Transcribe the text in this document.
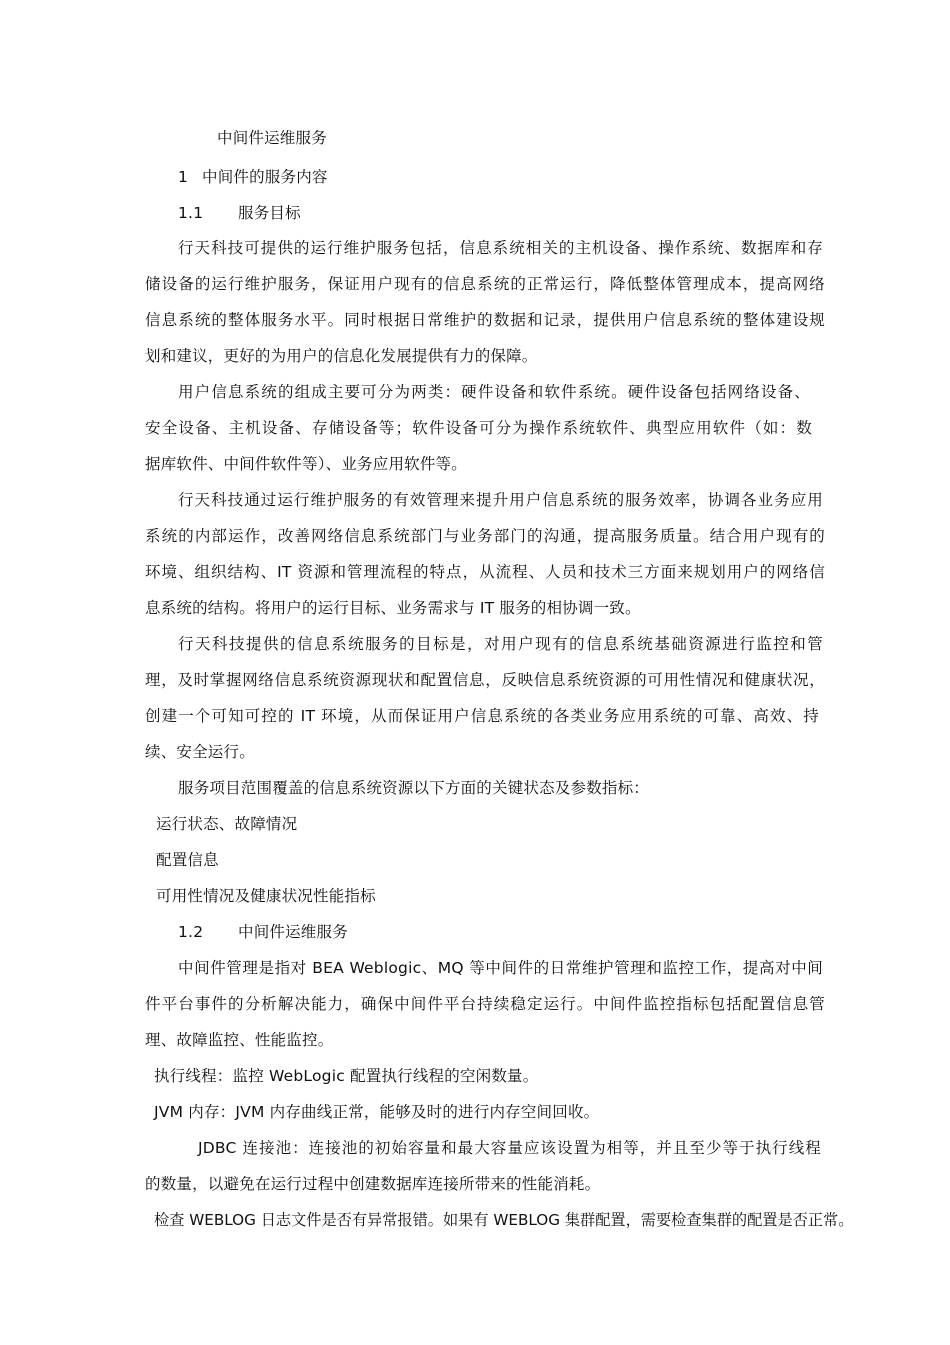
中间件运维服务
1 中间件的服务内容
1.1 服务目标
行天科技可提供的运行维护服务包括，信息系统相关的主机设备、操作系统、数据库和存
储设备的运行维护服务，保证用户现有的信息系统的正常运行，降低整体管理成本，提高网络
信息系统的整体服务水平。同时根据日常维护的数据和记录，提供用户信息系统的整体建设规
划和建议，更好的为用户的信息化发展提供有力的保障。
用户信息系统的组成主要可分为两类：硬件设备和软件系统。硬件设备包括网络设备、
安全设备、主机设备、存储设备等；软件设备可分为操作系统软件、典型应用软件（如：数
据库软件、中间件软件等）、业务应用软件等。
行天科技通过运行维护服务的有效管理来提升用户信息系统的服务效率，协调各业务应用
系统的内部运作，改善网络信息系统部门与业务部门的沟通，提高服务质量。结合用户现有的
环境、组织结构、IT 资源和管理流程的特点，从流程、人员和技术三方面来规划用户的网络信
息系统的结构。将用户的运行目标、业务需求与 IT 服务的相协调一致。
行天科技提供的信息系统服务的目标是，对用户现有的信息系统基础资源进行监控和管
理，及时掌握网络信息系统资源现状和配置信息，反映信息系统资源的可用性情况和健康状况，
创建一个可知可控的 IT 环境，从而保证用户信息系统的各类业务应用系统的可靠、高效、持
续、安全运行。
服务项目范围覆盖的信息系统资源以下方面的关键状态及参数指标：
运行状态、故障情况
配置信息
可用性情况及健康状况性能指标
1.2 中间件运维服务
中间件管理是指对 BEA Weblogic、MQ 等中间件的日常维护管理和监控工作，提高对中间
件平台事件的分析解决能力，确保中间件平台持续稳定运行。中间件监控指标包括配置信息管
理、故障监控、性能监控。
执行线程：监控 WebLogic 配置执行线程的空闲数量。
JVM 内存：JVM 内存曲线正常，能够及时的进行内存空间回收。
JDBC 连接池：连接池的初始容量和最大容量应该设置为相等，并且至少等于执行线程
的数量，以避免在运行过程中创建数据库连接所带来的性能消耗。
检查 WEBLOG 日志文件是否有异常报错。如果有 WEBLOG 集群配置，需要检查集群的配置是否正常。
